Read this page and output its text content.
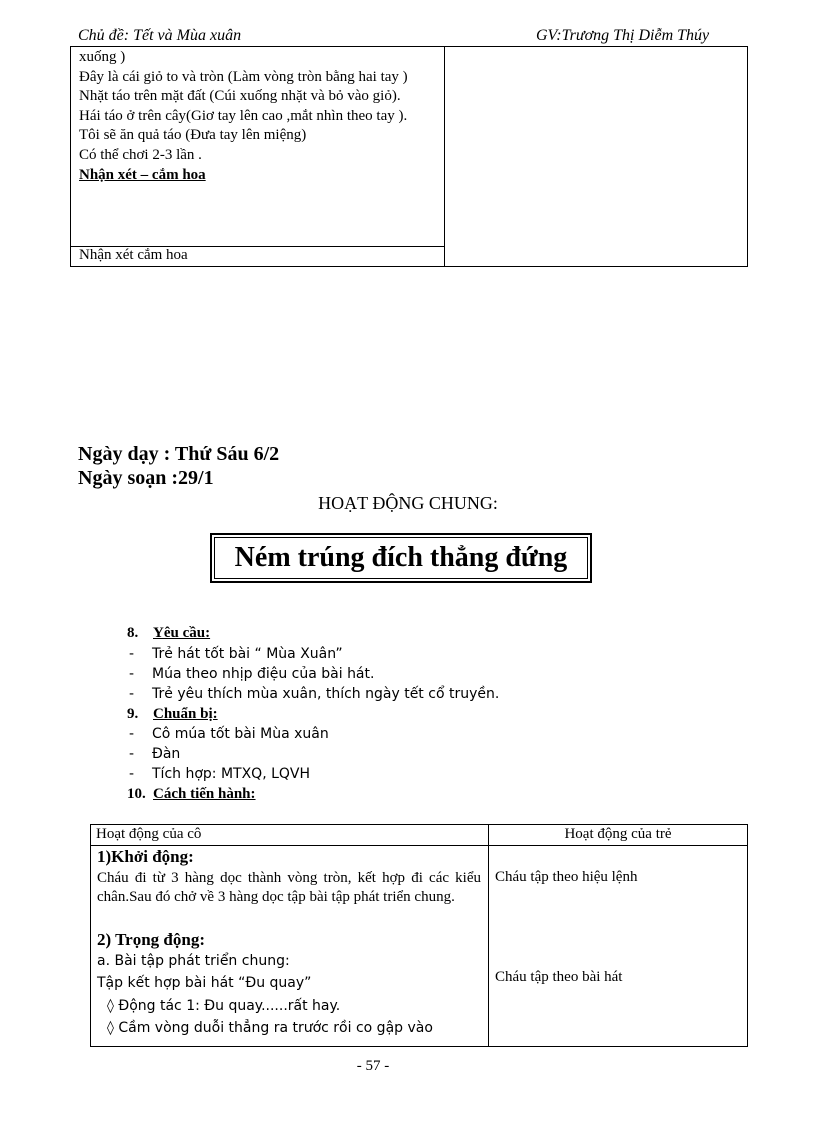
Chủ đề: Tết và Mùa xuân	GV:Trương Thị Diễm Thúy

xuống )

Đây là cái giỏ to và tròn (Làm vòng tròn bằng hai tay )

Nhặt táo trên mặt đất (Cúi xuống nhặt và bỏ vào giỏ).

Hái táo ở trên cây(Giơ tay lên cao ,mắt nhìn theo tay ).

Tôi sẽ ăn quả táo (Đưa tay lên miệng)

Có thể chơi 2-3 lần .

Nhận xét – cắm hoa

Nhận xét cắm hoa
Ngày dạy : Thứ Sáu 6/2
Ngày soạn :29/1
HOẠT ĐỘNG CHUNG:
Ném trúng đích thẳng đứng
8. Yêu cầu:
- Trẻ hát tốt bài “ Mùa Xuân”
- Múa theo nhịp điệu của bài hát.
- Trẻ yêu thích mùa xuân, thích ngày tết cổ truyền.
9. Chuẩn bị:
- Cô múa tốt bài Mùa xuân
- Đàn
- Tích hợp: MTXQ, LQVH
10. Cách tiến hành:
Hoạt động của cô	Hoạt động của trẻ
1)Khởi động:
Cháu đi từ 3 hàng dọc thành vòng tròn, kết hợp đi các kiểu chân.Sau đó chở về 3 hàng dọc tập bài tập phát triển chung.
2) Trọng động:
a. Bài tập phát triển chung:
Tập kết hợp bài hát “Đu quay”
◊ Động tác 1: Đu quay......rất hay.
◊ Cầm vòng duỗi thẳng ra trước rồi co gập vào
Cháu tập theo hiệu lệnh
Cháu tập theo bài hát
- 57 -
